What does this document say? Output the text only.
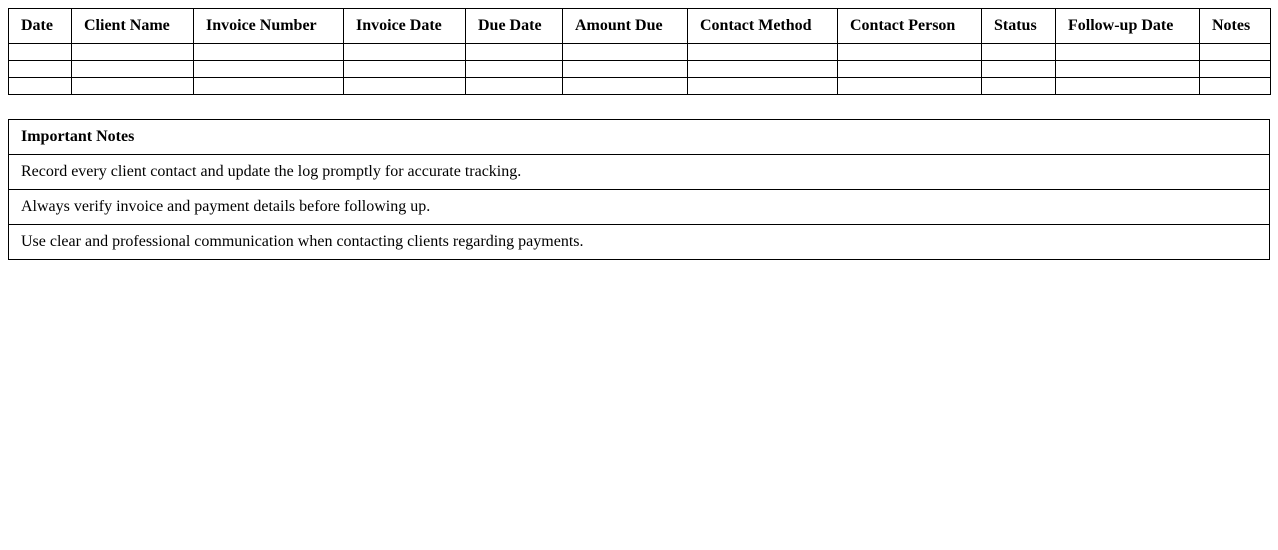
Date	Client Name	Invoice Number	Invoice Date	Due Date	Amount Due	Contact Method	Contact Person	Status	Follow-up Date	Notes

Important Notes
Record every client contact and update the log promptly for accurate tracking.
Always verify invoice and payment details before following up.
Use clear and professional communication when contacting clients regarding payments.
